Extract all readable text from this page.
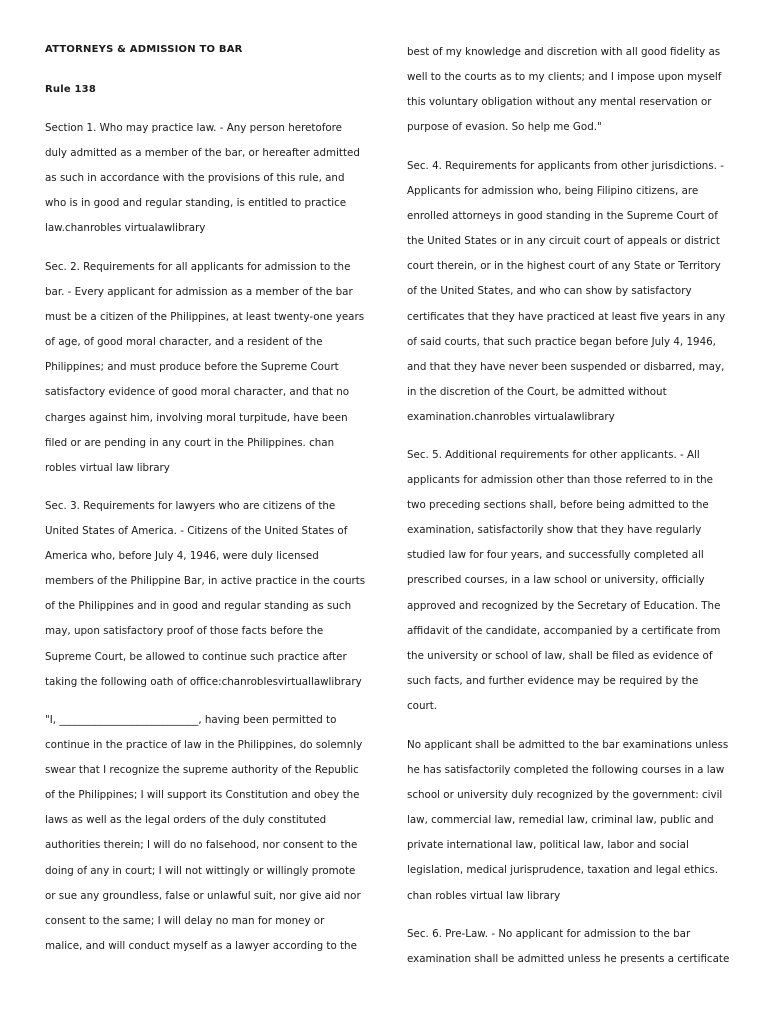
ATTORNEYS & ADMISSION TO BAR
Rule 138
Section 1. Who may practice law. - Any person heretofore
duly admitted as a member of the bar, or hereafter admitted
as such in accordance with the provisions of this rule, and
who is in good and regular standing, is entitled to practice
law.chanrobles virtualawlibrary
Sec. 2. Requirements for all applicants for admission to the
bar. - Every applicant for admission as a member of the bar
must be a citizen of the Philippines, at least twenty-one years
of age, of good moral character, and a resident of the
Philippines; and must produce before the Supreme Court
satisfactory evidence of good moral character, and that no
charges against him, involving moral turpitude, have been
filed or are pending in any court in the Philippines. chan
robles virtual law library
Sec. 3. Requirements for lawyers who are citizens of the
United States of America. - Citizens of the United States of
America who, before July 4, 1946, were duly licensed
members of the Philippine Bar, in active practice in the courts
of the Philippines and in good and regular standing as such
may, upon satisfactory proof of those facts before the
Supreme Court, be allowed to continue such practice after
taking the following oath of office:chanroblesvirtuallawlibrary
"I, ___________________________, having been permitted to
continue in the practice of law in the Philippines, do solemnly
swear that I recognize the supreme authority of the Republic
of the Philippines; I will support its Constitution and obey the
laws as well as the legal orders of the duly constituted
authorities therein; I will do no falsehood, nor consent to the
doing of any in court; I will not wittingly or willingly promote
or sue any groundless, false or unlawful suit, nor give aid nor
consent to the same; I will delay no man for money or
malice, and will conduct myself as a lawyer according to the
best of my knowledge and discretion with all good fidelity as
well to the courts as to my clients; and I impose upon myself
this voluntary obligation without any mental reservation or
purpose of evasion. So help me God."
Sec. 4. Requirements for applicants from other jurisdictions. -
Applicants for admission who, being Filipino citizens, are
enrolled attorneys in good standing in the Supreme Court of
the United States or in any circuit court of appeals or district
court therein, or in the highest court of any State or Territory
of the United States, and who can show by satisfactory
certificates that they have practiced at least five years in any
of said courts, that such practice began before July 4, 1946,
and that they have never been suspended or disbarred, may,
in the discretion of the Court, be admitted without
examination.chanrobles virtualawlibrary
Sec. 5. Additional requirements for other applicants. - All
applicants for admission other than those referred to in the
two preceding sections shall, before being admitted to the
examination, satisfactorily show that they have regularly
studied law for four years, and successfully completed all
prescribed courses, in a law school or university, officially
approved and recognized by the Secretary of Education. The
affidavit of the candidate, accompanied by a certificate from
the university or school of law, shall be filed as evidence of
such facts, and further evidence may be required by the
court.
No applicant shall be admitted to the bar examinations unless
he has satisfactorily completed the following courses in a law
school or university duly recognized by the government: civil
law, commercial law, remedial law, criminal law, public and
private international law, political law, labor and social
legislation, medical jurisprudence, taxation and legal ethics.
chan robles virtual law library
Sec. 6. Pre-Law. - No applicant for admission to the bar
examination shall be admitted unless he presents a certificate
